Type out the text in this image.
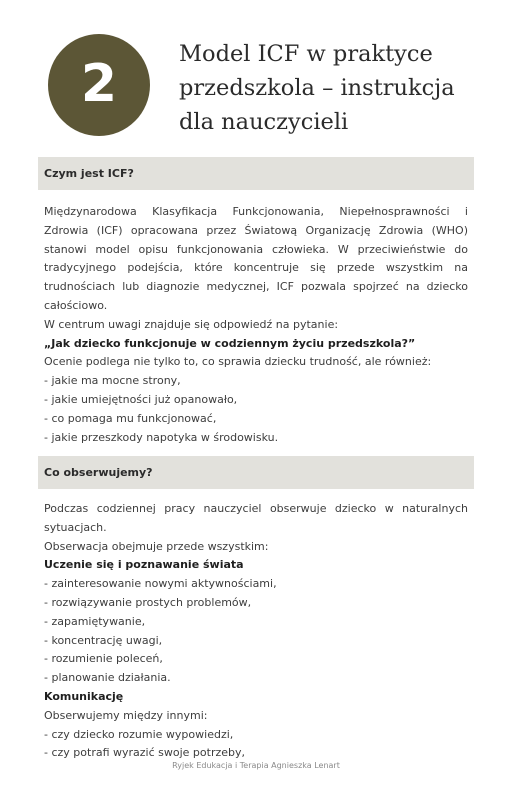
2	Model ICF w praktyce
przedszkola – instrukcja
dla nauczycieli
Czym jest ICF?
Międzynarodowa Klasyfikacja Funkcjonowania, Niepełnosprawności i Zdrowia (ICF) opracowana przez Światową Organizację Zdrowia (WHO) stanowi model opisu funkcjonowania człowieka. W przeciwieństwie do tradycyjnego podejścia, które koncentruje się przede wszystkim na trudnościach lub diagnozie medycznej, ICF pozwala spojrzeć na dziecko całościowo.
W centrum uwagi znajduje się odpowiedź na pytanie:
„Jak dziecko funkcjonuje w codziennym życiu przedszkola?”
Ocenie podlega nie tylko to, co sprawia dziecku trudność, ale również:
- jakie ma mocne strony,
- jakie umiejętności już opanowało,
- co pomaga mu funkcjonować,
- jakie przeszkody napotyka w środowisku.
Co obserwujemy?
Podczas codziennej pracy nauczyciel obserwuje dziecko w naturalnych sytuacjach.
Obserwacja obejmuje przede wszystkim:
Uczenie się i poznawanie świata
- zainteresowanie nowymi aktywnościami,
- rozwiązywanie prostych problemów,
- zapamiętywanie,
- koncentrację uwagi,
- rozumienie poleceń,
- planowanie działania.
Komunikację
Obserwujemy między innymi:
- czy dziecko rozumie wypowiedzi,
- czy potrafi wyrazić swoje potrzeby,
Ryjek Edukacja i Terapia Agnieszka Lenart
